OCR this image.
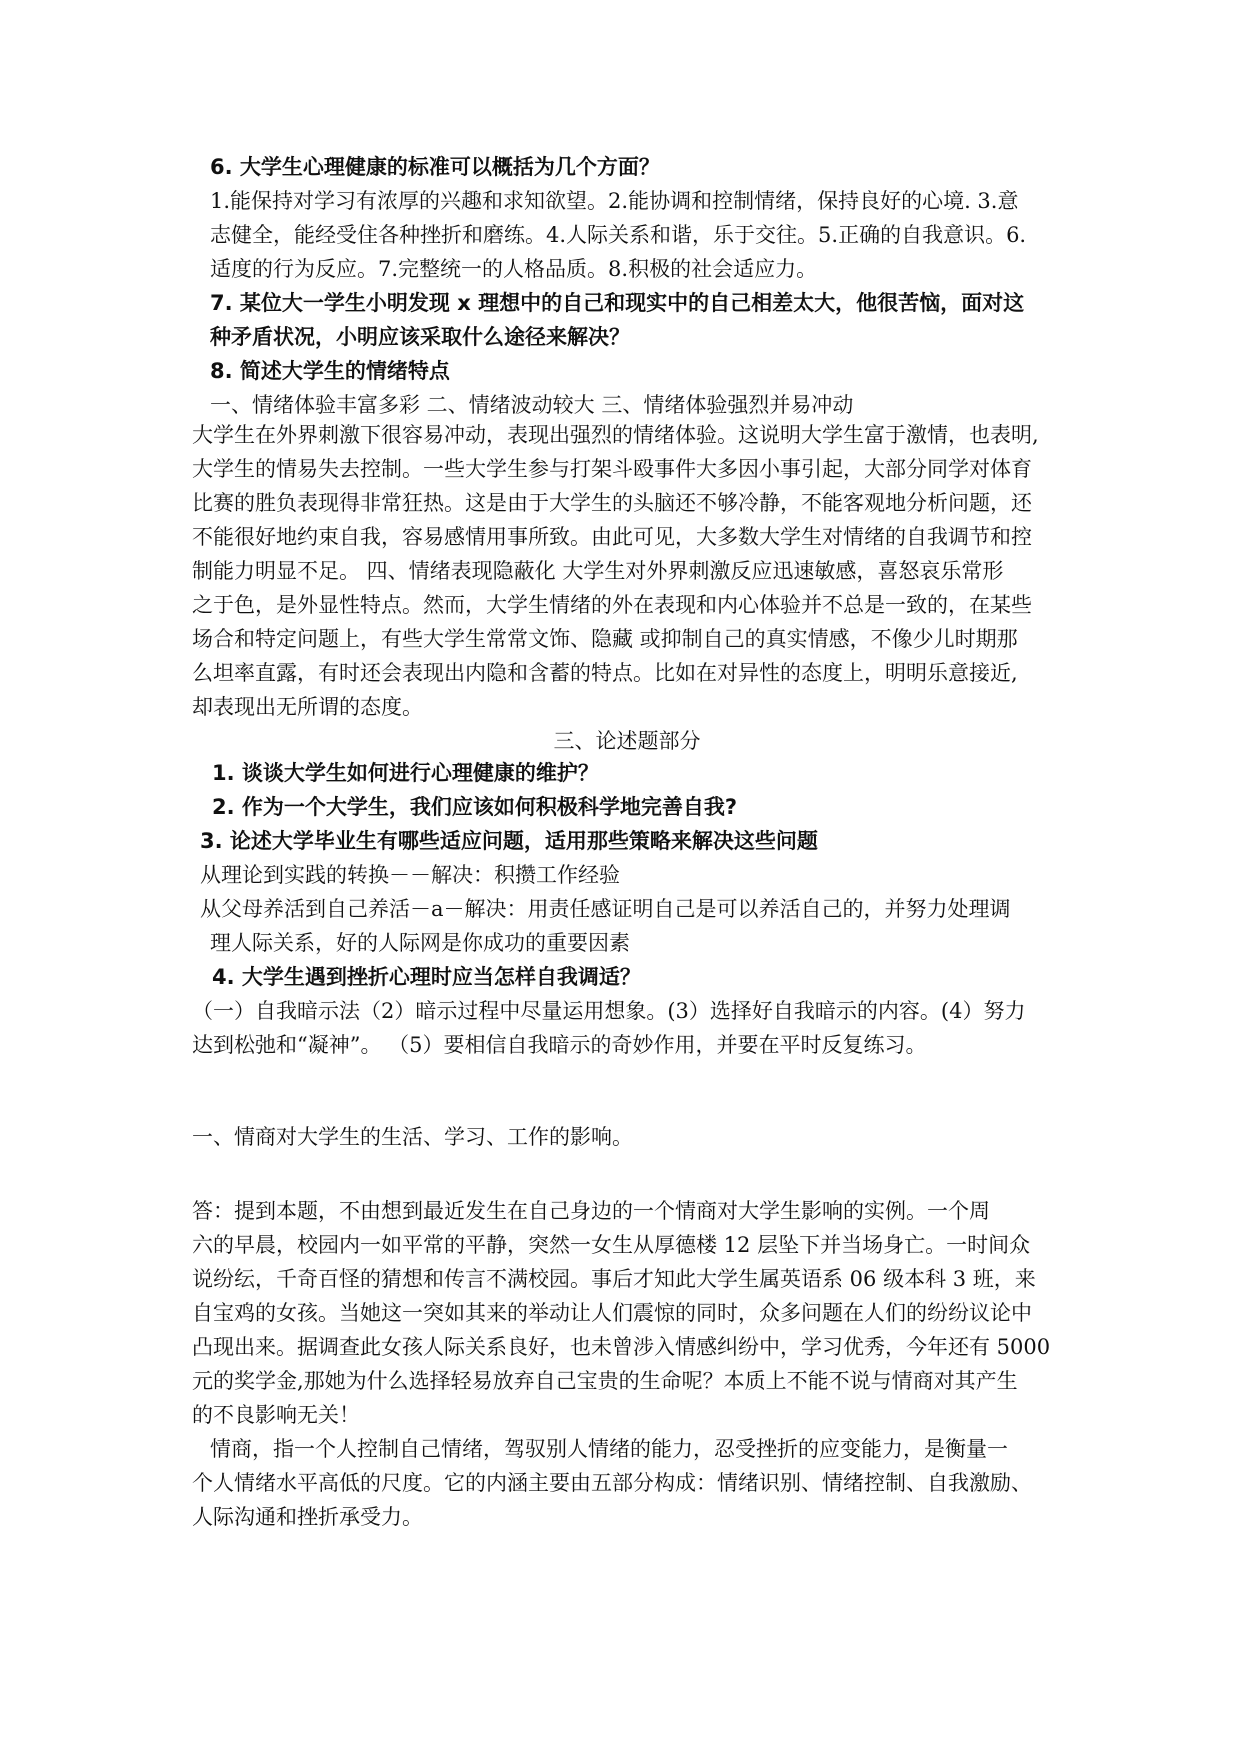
6. 大学生心理健康的标准可以概括为几个方面？

1.能保持对学习有浓厚的兴趣和求知欲望。2.能协调和控制情绪，保持良好的心境. 3.意

志健全，能经受住各种挫折和磨练。4.人际关系和谐，乐于交往。5.正确的自我意识。6.

适度的行为反应。7.完整统一的人格品质。8.积极的社会适应力。

7. 某位大一学生小明发现 x 理想中的自己和现实中的自己相差太大，他很苦恼，面对这

种矛盾状况，小明应该采取什么途径来解决？

8. 简述大学生的情绪特点

一、情绪体验丰富多彩 二、情绪波动较大 三、情绪体验强烈并易冲动

大学生在外界刺激下很容易冲动，表现出强烈的情绪体验。这说明大学生富于激情，也表明,

大学生的情易失去控制。一些大学生参与打架斗殴事件大多因小事引起，大部分同学对体育

比赛的胜负表现得非常狂热。这是由于大学生的头脑还不够冷静，不能客观地分析问题，还

不能很好地约束自我，容易感情用事所致。由此可见，大多数大学生对情绪的自我调节和控

制能力明显不足。 四、情绪表现隐蔽化 大学生对外界刺激反应迅速敏感，喜怒哀乐常形

之于色，是外显性特点。然而，大学生情绪的外在表现和内心体验并不总是一致的，在某些

场合和特定问题上，有些大学生常常文饰、隐藏 或抑制自己的真实情感，不像少儿时期那

么坦率直露，有时还会表现出内隐和含蓄的特点。比如在对异性的态度上，明明乐意接近,

却表现出无所谓的态度。

三、论述题部分

1. 谈谈大学生如何进行心理健康的维护？

2. 作为一个大学生，我们应该如何积极科学地完善自我?

3. 论述大学毕业生有哪些适应问题，适用那些策略来解决这些问题

从理论到实践的转换－－解决：积攒工作经验

从父母养活到自己养活－a－解决：用责任感证明自己是可以养活自己的，并努力处理调

理人际关系，好的人际网是你成功的重要因素

4. 大学生遇到挫折心理时应当怎样自我调适？

（一）自我暗示法（2）暗示过程中尽量运用想象。(3）选择好自我暗示的内容。(4）努力

达到松弛和“凝神”。 （5）要相信自我暗示的奇妙作用，并要在平时反复练习。

一、情商对大学生的生活、学习、工作的影响。

答：提到本题，不由想到最近发生在自己身边的一个情商对大学生影响的实例。一个周

六的早晨，校园内一如平常的平静，突然一女生从厚德楼 12 层坠下并当场身亡。一时间众

说纷纭，千奇百怪的猜想和传言不满校园。事后才知此大学生属英语系 06 级本科 3 班，来

自宝鸡的女孩。当她这一突如其来的举动让人们震惊的同时，众多问题在人们的纷纷议论中

凸现出来。据调查此女孩人际关系良好，也未曾涉入情感纠纷中，学习优秀，今年还有 5000

元的奖学金,那她为什么选择轻易放弃自己宝贵的生命呢？本质上不能不说与情商对其产生

的不良影响无关！

情商，指一个人控制自己情绪，驾驭别人情绪的能力，忍受挫折的应变能力，是衡量一

个人情绪水平高低的尺度。它的内涵主要由五部分构成：情绪识别、情绪控制、自我激励、

人际沟通和挫折承受力。
